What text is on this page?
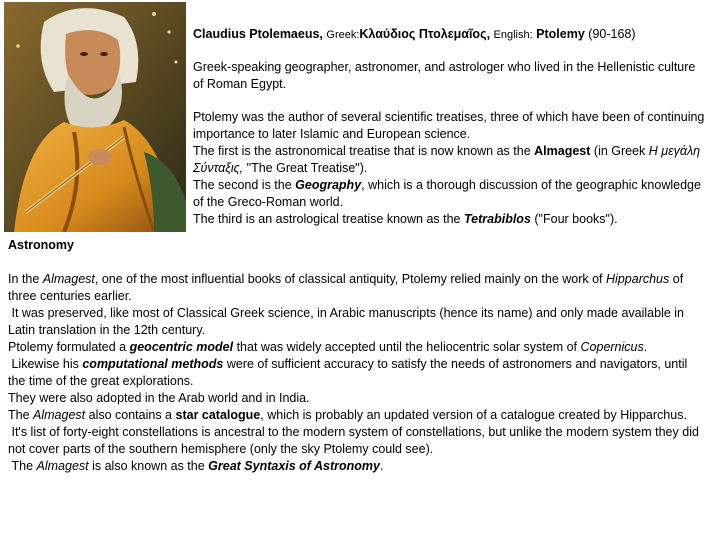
Claudius Ptolemaeus, Greek:Κλαύδιος Πτολεμαῖος, English: Ptolemy (90-168)

Greek-speaking geographer, astronomer, and astrologer who lived in the Hellenistic culture of Roman Egypt.

Ptolemy was the author of several scientific treatises, three of which have been of continuing importance to later Islamic and European science.
The first is the astronomical treatise that is now known as the Almagest (in Greek Η μεγάλη Σύνταξις, "The Great Treatise").
The second is the Geography, which is a thorough discussion of the geographic knowledge of the Greco-Roman world.
The third is an astrological treatise known as the Tetrabiblos ("Four books").
Astronomy
In the Almagest, one of the most influential books of classical antiquity, Ptolemy relied mainly on the work of Hipparchus of three centuries earlier.
It was preserved, like most of Classical Greek science, in Arabic manuscripts (hence its name) and only made available in Latin translation in the 12th century.
Ptolemy formulated a geocentric model that was widely accepted until the heliocentric solar system of Copernicus.
Likewise his computational methods were of sufficient accuracy to satisfy the needs of astronomers and navigators, until the time of the great explorations.
They were also adopted in the Arab world and in India.
The Almagest also contains a star catalogue, which is probably an updated version of a catalogue created by Hipparchus.
It's list of forty-eight constellations is ancestral to the modern system of constellations, but unlike the modern system they did not cover parts of the southern hemisphere (only the sky Ptolemy could see).
The Almagest is also known as the Great Syntaxis of Astronomy.
